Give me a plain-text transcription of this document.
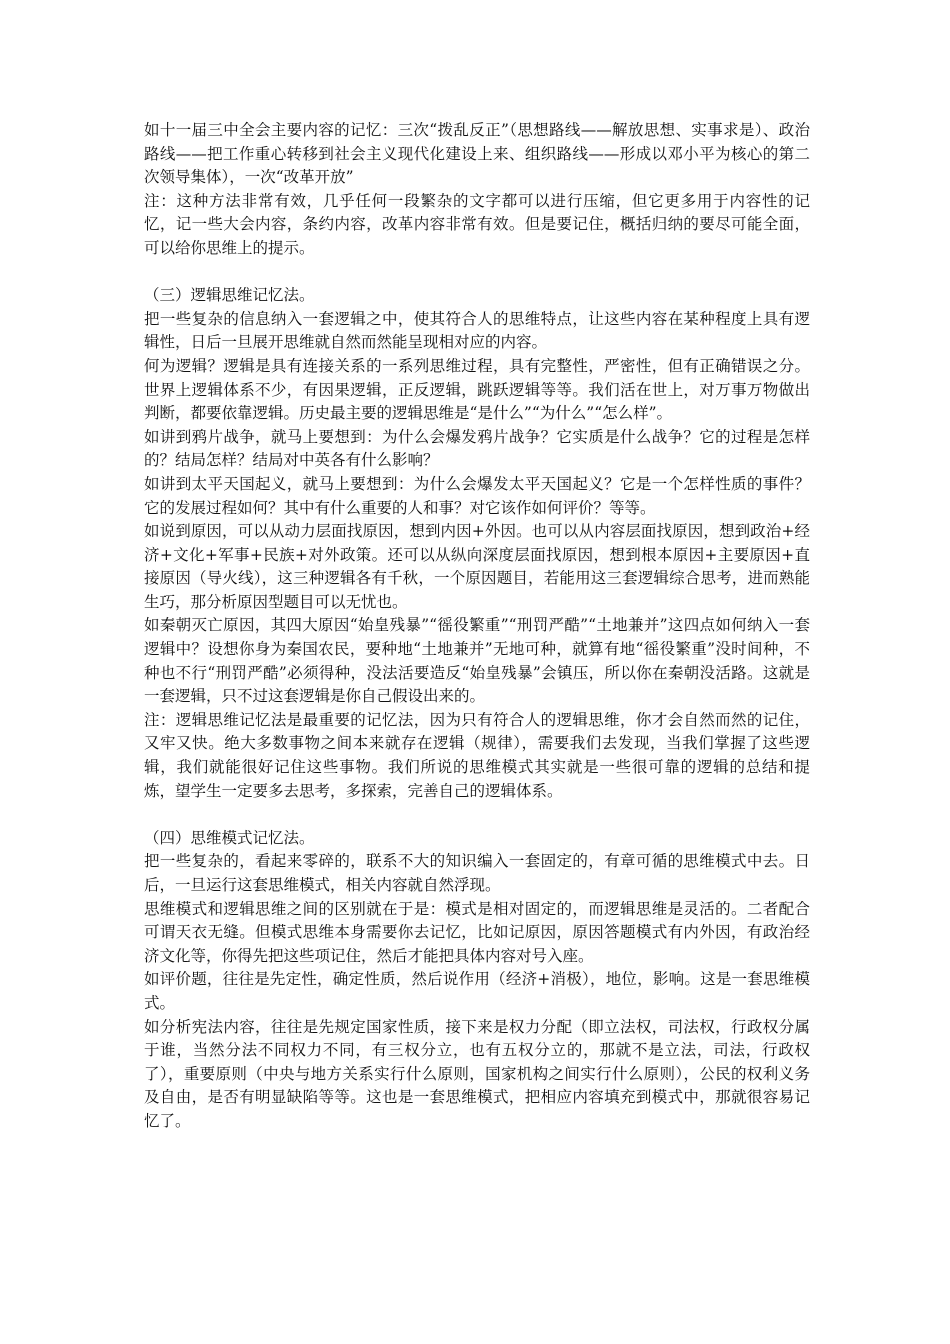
如十一届三中全会主要内容的记忆：三次“拨乱反正”（思想路线——解放思想、实事求是）、政治路线——把工作重心转移到社会主义现代化建设上来、组织路线——形成以邓小平为核心的第二次领导集体），一次“改革开放”

注：这种方法非常有效，几乎任何一段繁杂的文字都可以进行压缩，但它更多用于内容性的记忆，记一些大会内容，条约内容，改革内容非常有效。但是要记住，概括归纳的要尽可能全面，可以给你思维上的提示。

（三）逻辑思维记忆法。

把一些复杂的信息纳入一套逻辑之中，使其符合人的思维特点，让这些内容在某种程度上具有逻辑性，日后一旦展开思维就自然而然能呈现相对应的内容。

何为逻辑？逻辑是具有连接关系的一系列思维过程，具有完整性，严密性，但有正确错误之分。世界上逻辑体系不少，有因果逻辑，正反逻辑，跳跃逻辑等等。我们活在世上，对万事万物做出判断，都要依靠逻辑。历史最主要的逻辑思维是“是什么”“为什么”“怎么样”。

如讲到鸦片战争，就马上要想到：为什么会爆发鸦片战争？它实质是什么战争？它的过程是怎样的？结局怎样？结局对中英各有什么影响？

如讲到太平天国起义，就马上要想到：为什么会爆发太平天国起义？它是一个怎样性质的事件？它的发展过程如何？其中有什么重要的人和事？对它该作如何评价？等等。

如说到原因，可以从动力层面找原因，想到内因+外因。也可以从内容层面找原因，想到政治+经济+文化+军事+民族+对外政策。还可以从纵向深度层面找原因，想到根本原因+主要原因+直接原因（导火线），这三种逻辑各有千秋，一个原因题目，若能用这三套逻辑综合思考，进而熟能生巧，那分析原因型题目可以无忧也。

如秦朝灭亡原因，其四大原因“始皇残暴”“徭役繁重”“刑罚严酷”“土地兼并”这四点如何纳入一套逻辑中？设想你身为秦国农民，要种地“土地兼并”无地可种，就算有地“徭役繁重”没时间种，不种也不行“刑罚严酷”必须得种，没法活要造反“始皇残暴”会镇压，所以你在秦朝没活路。这就是一套逻辑，只不过这套逻辑是你自己假设出来的。

注：逻辑思维记忆法是最重要的记忆法，因为只有符合人的逻辑思维，你才会自然而然的记住，又牢又快。绝大多数事物之间本来就存在逻辑（规律），需要我们去发现，当我们掌握了这些逻辑，我们就能很好记住这些事物。我们所说的思维模式其实就是一些很可靠的逻辑的总结和提炼，望学生一定要多去思考，多探索，完善自己的逻辑体系。

（四）思维模式记忆法。

把一些复杂的，看起来零碎的，联系不大的知识编入一套固定的，有章可循的思维模式中去。日后，一旦运行这套思维模式，相关内容就自然浮现。

思维模式和逻辑思维之间的区别就在于是：模式是相对固定的，而逻辑思维是灵活的。二者配合可谓天衣无缝。但模式思维本身需要你去记忆，比如记原因，原因答题模式有内外因，有政治经济文化等，你得先把这些项记住，然后才能把具体内容对号入座。

如评价题，往往是先定性，确定性质，然后说作用（经济+消极），地位，影响。这是一套思维模式。

如分析宪法内容，往往是先规定国家性质，接下来是权力分配（即立法权，司法权，行政权分属于谁，当然分法不同权力不同，有三权分立，也有五权分立的，那就不是立法，司法，行政权了），重要原则（中央与地方关系实行什么原则，国家机构之间实行什么原则），公民的权利义务及自由，是否有明显缺陷等等。这也是一套思维模式，把相应内容填充到模式中，那就很容易记忆了。
